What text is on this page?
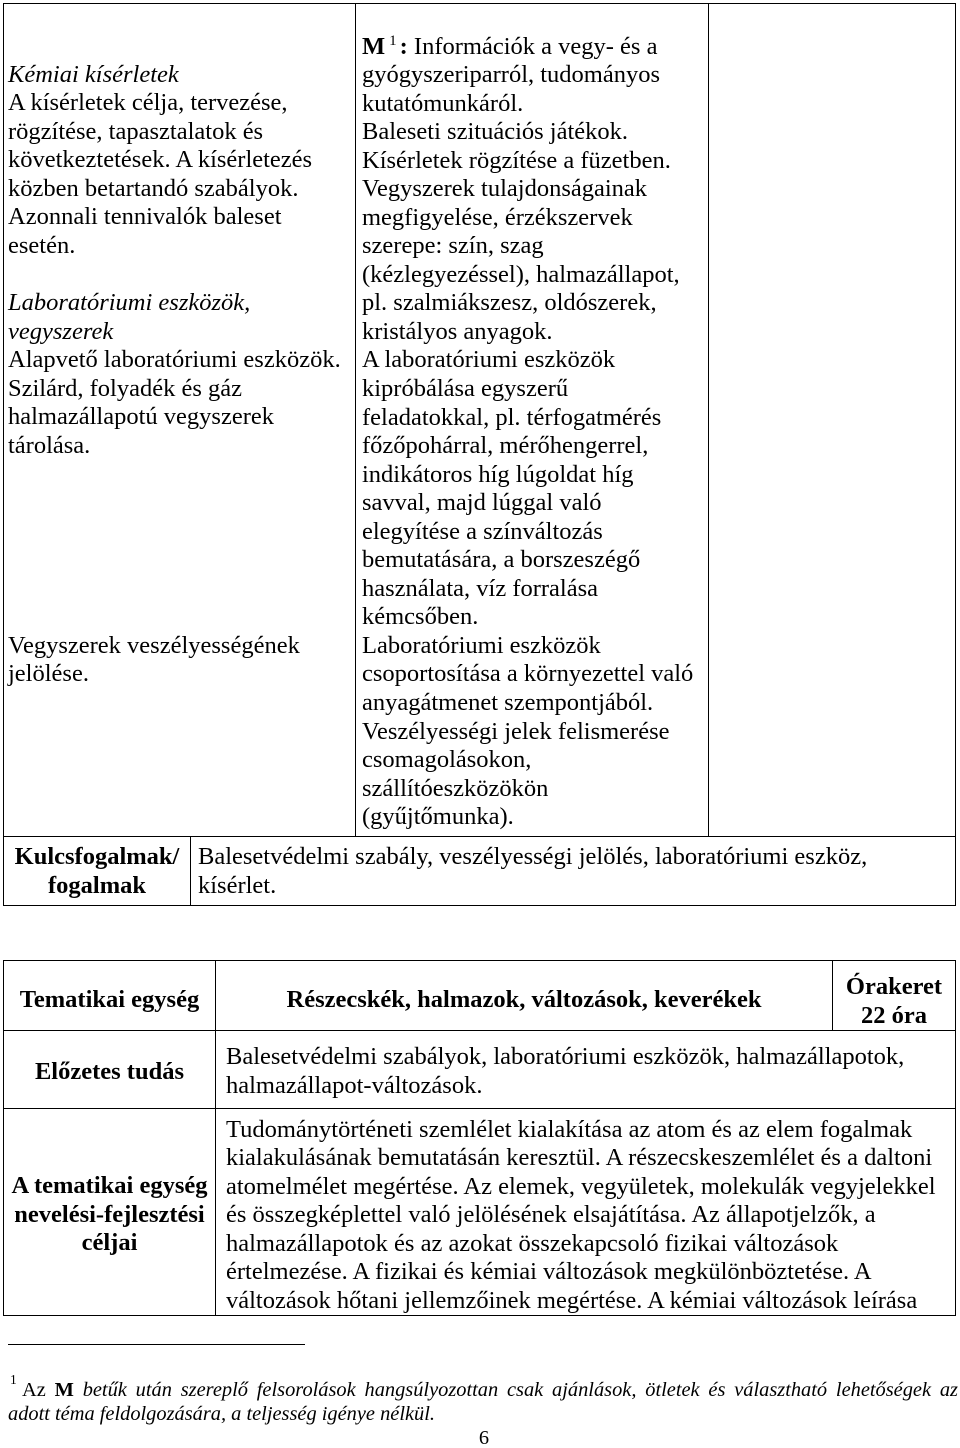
Kémiai kísérletek
A kísérletek célja, tervezése,
rögzítése, tapasztalatok és
következtetések. A kísérletezés
közben betartandó szabályok.
Azonnali tennivalók baleset
esetén.
Laboratóriumi eszközök,
vegyszerek
Alapvető laboratóriumi eszközök.
Szilárd, folyadék és gáz
halmazállapotú vegyszerek
tárolása.
Vegyszerek veszélyességének
jelölése.
M $^1$ : Információk a vegy- és a
gyógyszeriparról, tudományos
kutatómunkáról.
Baleseti szituációs játékok.
Kísérletek rögzítése a füzetben.
Vegyszerek tulajdonságainak
megfigyelése, érzékszervek
szerepe: szín, szag
(kézlegyezéssel), halmazállapot,
pl. szalmiákszesz, oldószerek,
kristályos anyagok.
A laboratóriumi eszközök
kipróbálása egyszerű
feladatokkal, pl. térfogatmérés
főzőpohárral, mérőhengerrel,
indikátoros híg lúgoldat híg
savval, majd lúggal való
elegyítése a színváltozás
bemutatására, a borszeszégő
használata, víz forralása
kémcsőben.
Laboratóriumi eszközök
csoportosítása a környezettel való
anyagátmenet szempontjából.
Veszélyességi jelek felismerése
csomagolásokon,
szállítóeszközökön
(gyűjtőmunka).
Kulcsfogalmak/
fogalmak
Balesetvédelmi szabály, veszélyességi jelölés, laboratóriumi eszköz,
kísérlet.
Tematikai egység	Részecskék, halmazok, változások, keverékek	Órakeret
22 óra
Előzetes tudás
Balesetvédelmi szabályok, laboratóriumi eszközök, halmazállapotok,
halmazállapot-változások.
A tematikai egység
nevelési-fejlesztési
céljai
Tudománytörténeti szemlélet kialakítása az atom és az elem fogalmak
kialakulásának bemutatásán keresztül. A részecskeszemlélet és a daltoni
atomelmélet megértése. Az elemek, vegyületek, molekulák vegyjelekkel
és összegképlettel való jelölésének elsajátítása. Az állapotjelzők, a
halmazállapotok és az azokat összekapcsoló fizikai változások
értelmezése. A fizikai és kémiai változások megkülönböztetése. A
változások hőtani jellemzőinek megértése. A kémiai változások leírása
1 Az M betűk után szereplő felsorolások hangsúlyozottan csak ajánlások, ötletek és választható lehetőségek az
adott téma feldolgozására, a teljesség igénye nélkül.
6
